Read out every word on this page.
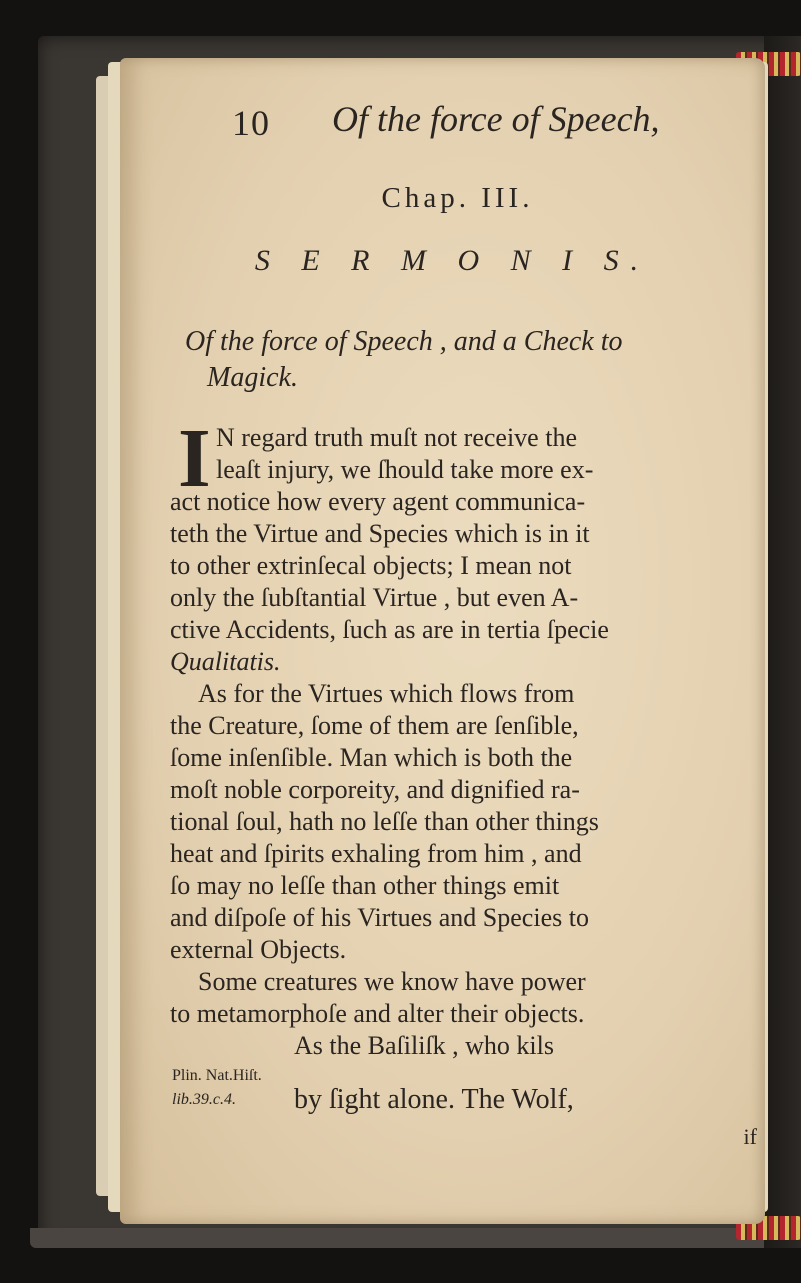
10 Of the force of Speech,
Chap. III.
S E R M O N I S.
Of the force of Speech , and a Check to
Magick.
I N regard truth muſt not receive the
leaſt injury, we ſhould take more ex-
act notice how every agent communica-
teth the Virtue and Species which is in it
to other extrinſecal objects; I mean not
only the ſubſtantial Virtue , but even A-
ctive Accidents, ſuch as are in tertia ſpecie
Qualitatis.
As for the Virtues which flows from
the Creature, ſome of them are ſenſible,
ſome inſenſible. Man which is both the
moſt noble corporeity, and dignified ra-
tional ſoul, hath no leſſe than other things
heat and ſpirits exhaling from him , and
ſo may no leſſe than other things emit
and diſpoſe of his Virtues and Species to
external Objects.
Some creatures we know have power
to metamorphoſe and alter their objects.
As the Baſiliſk , who kils
Plin. Nat.Hiſt.
lib.39.c.4.	by ſight alone. The Wolf,
if
